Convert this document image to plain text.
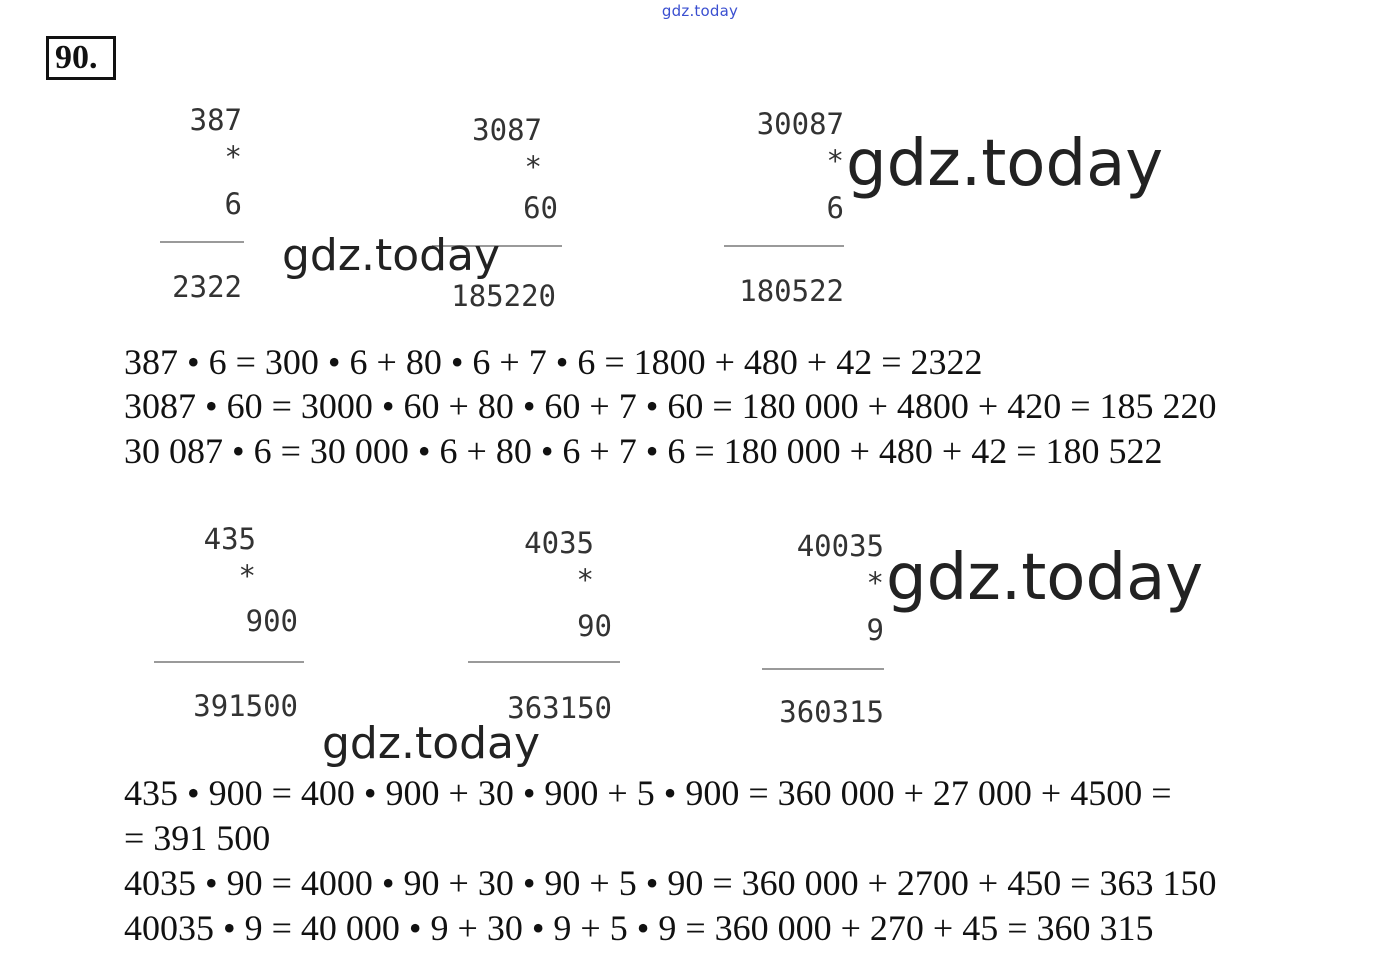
gdz.today
90.
387
*
6
2322
3087
*
60
185220
30087
*
6
180522
gdz.today
gdz.today
387 • 6 = 300 • 6 + 80 • 6 + 7 • 6 = 1800 + 480 + 42 = 2322
3087 • 60 = 3000 • 60 + 80 • 60 + 7 • 60 = 180 000 + 4800 + 420 = 185 220
30 087 • 6 = 30 000 • 6 + 80 • 6 + 7 • 6 = 180 000 + 480 + 42 = 180 522
435
*
900
391500
4035
*
90
363150
40035
*
9
360315
gdz.today
gdz.today
435 • 900 = 400 • 900 + 30 • 900 + 5 • 900 = 360 000 + 27 000 + 4500 =
= 391 500
4035 • 90 = 4000 • 90 + 30 • 90 + 5 • 90 = 360 000 + 2700 + 450 = 363 150
40035 • 9 = 40 000 • 9 + 30 • 9 + 5 • 9 = 360 000 + 270 + 45 = 360 315
